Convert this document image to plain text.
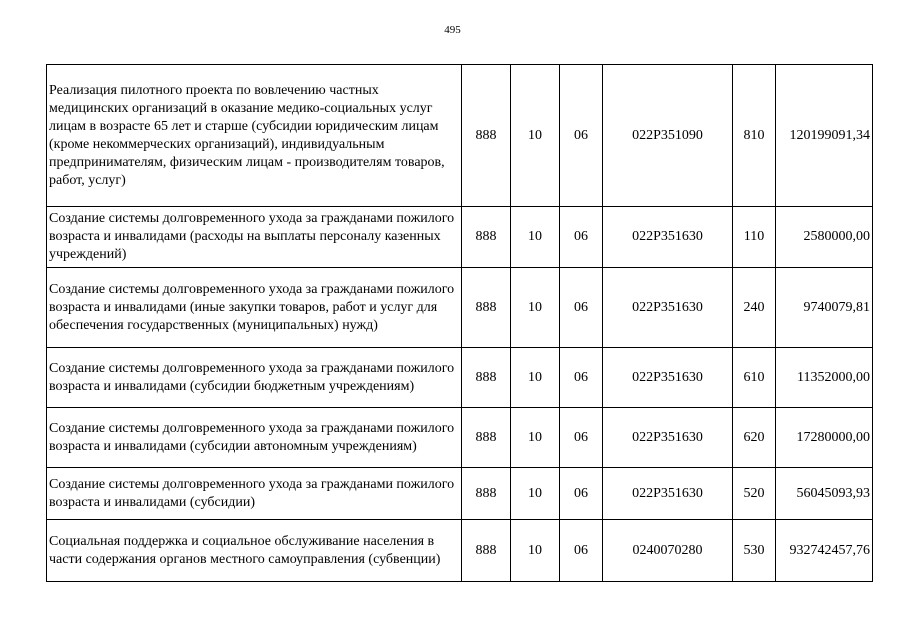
495
Реализация пилотного проекта по вовлечению частных медицинских организаций в оказание медико-социальных услуг лицам в возрасте 65 лет и старше (субсидии юридическим лицам (кроме некоммерческих организаций), индивидуальным предпринимателям, физическим лицам - производителям товаров, работ, услуг)	888	10	06	022P351090	810	120199091,34
Создание системы долговременного ухода за гражданами пожилого возраста и инвалидами (расходы на выплаты персоналу казенных учреждений)	888	10	06	022P351630	110	2580000,00
Создание системы долговременного ухода за гражданами пожилого возраста и инвалидами (иные закупки товаров, работ и услуг для обеспечения государственных (муниципальных) нужд)	888	10	06	022P351630	240	9740079,81
Создание системы долговременного ухода за гражданами пожилого возраста и инвалидами (субсидии бюджетным учреждениям)	888	10	06	022P351630	610	11352000,00
Создание системы долговременного ухода за гражданами пожилого возраста и инвалидами (субсидии автономным учреждениям)	888	10	06	022P351630	620	17280000,00
Создание системы долговременного ухода за гражданами пожилого возраста и инвалидами (субсидии)	888	10	06	022P351630	520	56045093,93
Социальная поддержка и социальное обслуживание населения в части содержания органов местного самоуправления (субвенции)	888	10	06	0240070280	530	932742457,76
